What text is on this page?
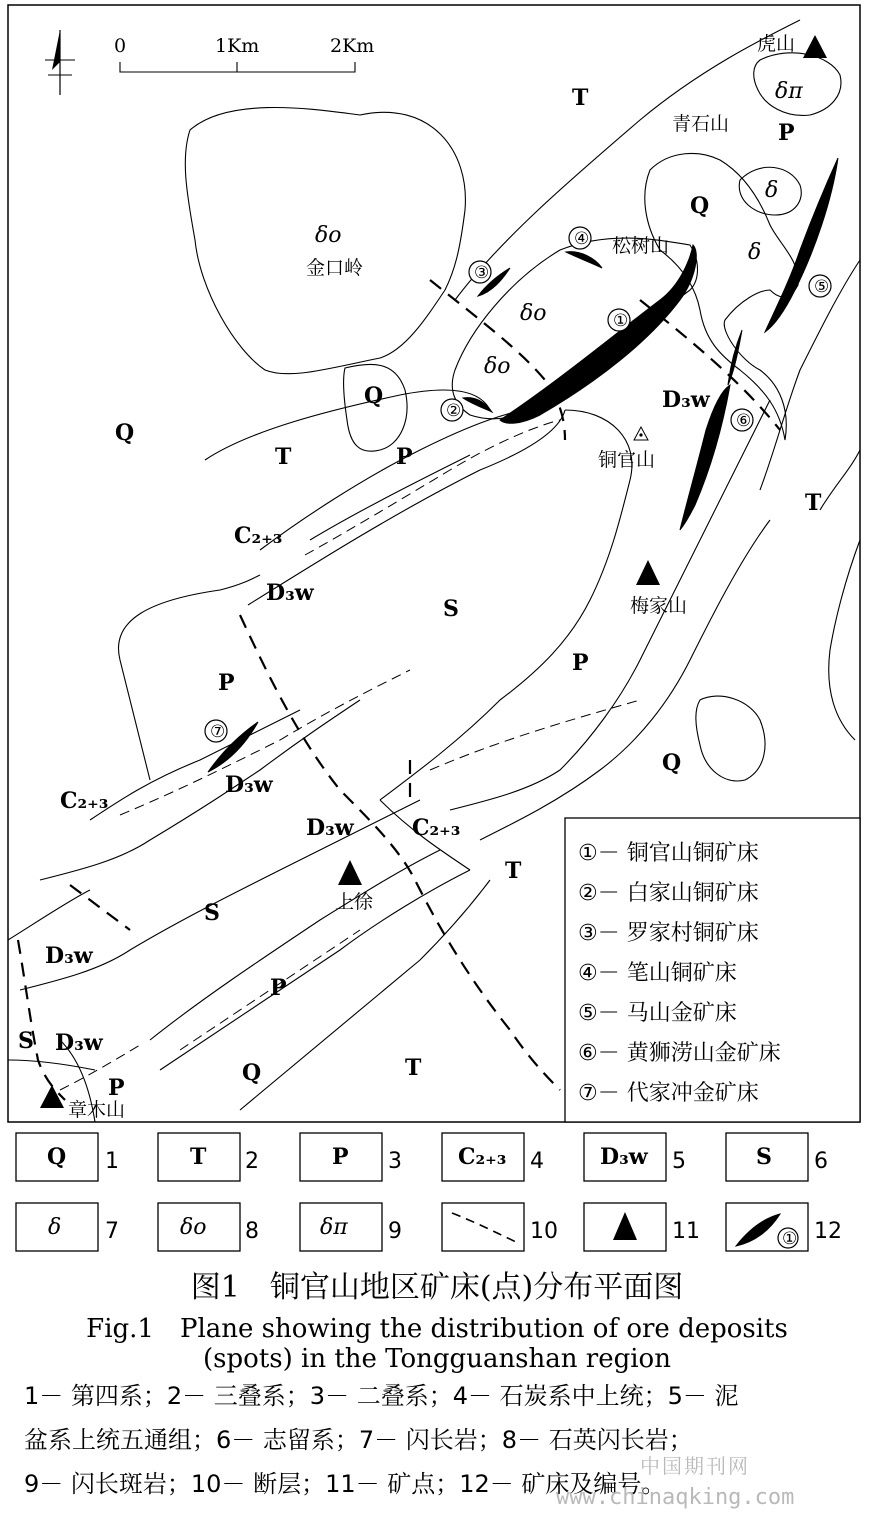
0	1Km	2Km
①
②
③
④
⑤
⑥
⑦
T	δπ
P
Q
δ
δ
δo
δo
δo
Q
Q
T	P
D₃w
T
C₂₊₃
D₃w
S
P
P
D₃w
Q
C₂₊₃
D₃w	C₂₊₃
T
S
D₃w
P
S D₃w
P
Q	T
虎山
青石山
松树山
金口岭
铜官山
梅家山
上徐
章木山
①－ 铜官山铜矿床
②－ 白家山铜矿床
③－ 罗家村铜矿床
④－ 笔山铜矿床
⑤－ 马山金矿床
⑥－ 黄狮涝山金矿床
⑦－ 代家冲金矿床
Q 1	T 2	P 3	C₂₊₃ 4	D₃w 5	S 6
δ 7	δo 8	δπ 9	10	11	① 12
图1　铜官山地区矿床(点)分布平面图
Fig.1　Plane showing the distribution of ore deposits
(spots) in the Tongguanshan region
1－ 第四系；2－ 三叠系；3－ 二叠系；4－ 石炭系中上统；5－ 泥
盆系上统五通组；6－ 志留系；7－ 闪长岩；8－ 石英闪长岩；
9－ 闪长斑岩；10－ 断层；11－ 矿点；12－ 矿床及编号。
中国期刊网
www.chinaqking.com
